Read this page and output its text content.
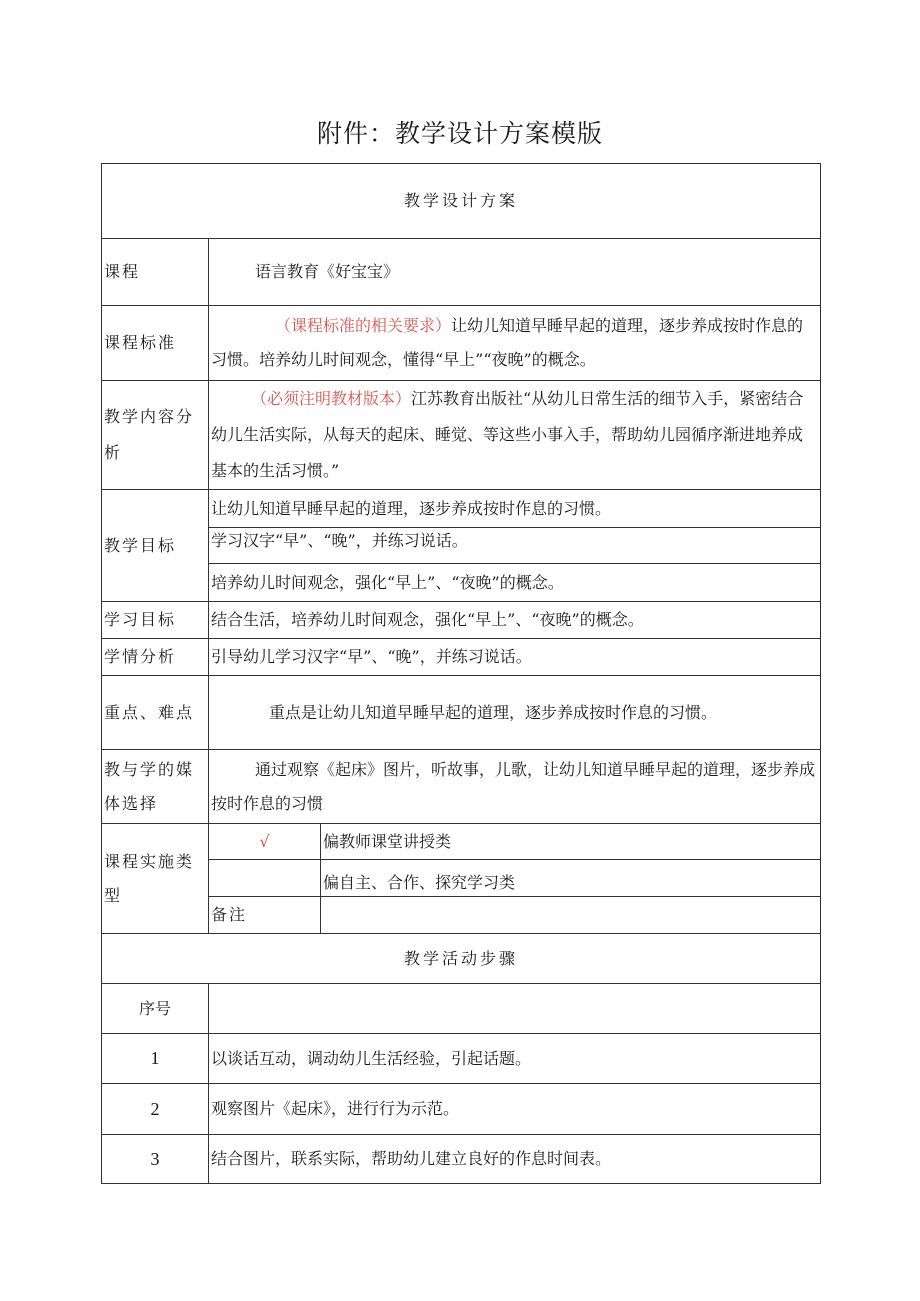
附件：教学设计方案模版
教学设计方案		
课程	语言教育《好宝宝》	
课程标准	（课程标准的相关要求）让幼儿知道早睡早起的道理，逐步养成按时作息的习惯。培养幼儿时间观念，懂得“早上”“夜晚”的概念。	

教学内容分析	（必须注明教材版本）江苏教育出版社“从幼儿日常生活的细节入手，紧密结合幼儿生活实际，从每天的起床、睡觉、等这些小事入手，帮助幼儿园循序渐进地养成基本的生活习惯。”	

教学目标	让幼儿知道早睡早起的道理，逐步养成按时作息的习惯。	
	学习汉字“早”、“晚”，并练习说话。	
	培养幼儿时间观念，强化“早上”、“夜晚”的概念。	
学习目标	结合生活，培养幼儿时间观念，强化“早上”、“夜晚”的概念。	
学情分析	引导幼儿学习汉字“早”、“晚”，并练习说话。	
重点、难点	重点是让幼儿知道早睡早起的道理，逐步养成按时作息的习惯。	
教与学的媒体选择	通过观察《起床》图片，听故事，儿歌，让幼儿知道早睡早起的道理，逐步养成按时作息的习惯	

课程实施类型	√	偏教师课堂讲授类
		偏自主、合作、探究学习类
	备注	
教学活动步骤		
序号		
1	以谈话互动，调动幼儿生活经验，引起话题。	
2	观察图片《起床》，进行行为示范。	
3	结合图片，联系实际，帮助幼儿建立良好的作息时间表。	
